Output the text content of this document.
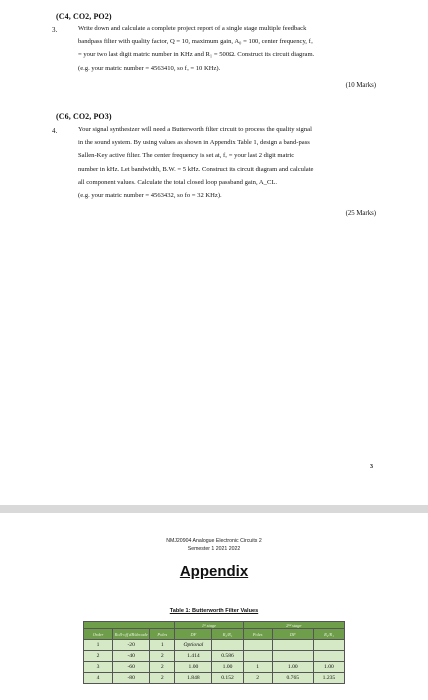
(C4, CO2, PO2)
3.	Write down and calculate a complete project report of a single stage multiple feedback
bandpass filter with quality factor, Q = 10, maximum gain, A₀ = 100, center frequency, fₒ
= your two last digit matric number in KHz and R₁ = 500Ω. Construct its circuit diagram.
(e.g. your matric number = 4563410, so fₒ = 10 KHz).
(10 Marks)
(C6, CO2, PO3)
4.	Your signal synthesizer will need a Butterworth filter circuit to process the quality signal
in the sound system. By using values as shown in Appendix Table 1, design a band-pass
Sallen-Key active filter. The center frequency is set at, fₒ = your last 2 digit matric
number in kHz. Let bandwidth, B.W. = 5 kHz. Construct its circuit diagram and calculate
all component values. Calculate the total closed loop passband gain, A_CL.
(e.g. your matric number = 4563432, so fo = 32 KHz).
(25 Marks)
3
NMJ20904 Analogue Electronic Circuits 2
Semester 1 2021 2022
Appendix
Table 1: Butterworth Filter Values
			1ˢᵗ stage		2ⁿᵈ stage		
Order	Roll-off dB/decade	Poles	DF	R₂/R₁	Poles	DF	R₂/R₁
1	-20	1	Optional				
2	-40	2	1.414	0.586			
3	-60	2	1.00	1.00	1	1.00	1.00
4	-80	2	1.848	0.152	2	0.765	1.235
